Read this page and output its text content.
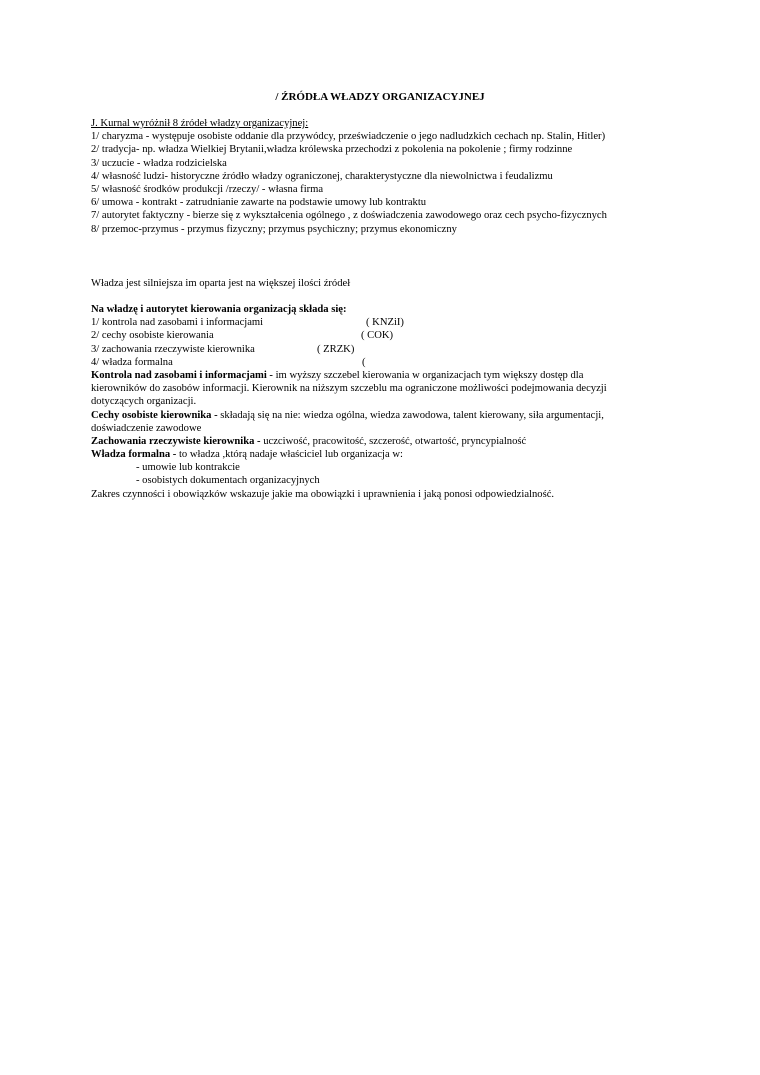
/ ŹRÓDŁA WŁADZY ORGANIZACYJNEJ
J. Kurnal wyróżnił 8 źródeł władzy organizacyjnej:
1/ charyzma - występuje osobiste oddanie dla przywódcy, przeświadczenie o jego nadludzkich cechach np. Stalin, Hitler)
2/ tradycja- np. władza Wielkiej Brytanii,władza królewska przechodzi z pokolenia na pokolenie ; firmy rodzinne
3/ uczucie - władza rodzicielska
4/ własność ludzi- historyczne źródło władzy ograniczonej, charakterystyczne dla niewolnictwa i feudalizmu
5/ własność środków produkcji /rzeczy/ - własna firma
6/ umowa - kontrakt - zatrudnianie zawarte na podstawie umowy lub kontraktu
7/ autorytet faktyczny - bierze się z wykształcenia ogólnego , z doświadczenia zawodowego oraz cech psycho-fizycznych
8/ przemoc-przymus - przymus fizyczny; przymus psychiczny; przymus ekonomiczny
Władza jest silniejsza im oparta jest na większej ilości źródeł
Na władzę i autorytet kierowania organizacją składa się:
1/ kontrola nad zasobami i informacjami	( KNZiI)
2/ cechy osobiste kierowania	( COK)
3/ zachowania rzeczywiste kierownika	( ZRZK)
4/ władza formalna	(
Kontrola nad zasobami i informacjami - im wyższy szczebel kierowania w organizacjach tym większy dostęp dla
kierowników do zasobów informacji. Kierownik na niższym szczeblu ma ograniczone możliwości podejmowania decyzji
dotyczących organizacji.
Cechy osobiste kierownika - składają się na nie: wiedza ogólna, wiedza zawodowa, talent kierowany, siła argumentacji,
doświadczenie zawodowe
Zachowania rzeczywiste kierownika - uczciwość, pracowitość, szczerość, otwartość, pryncypialność
Władza formalna - to władza ,którą nadaje właściciel lub organizacja w:
- umowie lub kontrakcie
- osobistych dokumentach organizacyjnych
Zakres czynności i obowiązków wskazuje jakie ma obowiązki i uprawnienia i jaką ponosi odpowiedzialność.
